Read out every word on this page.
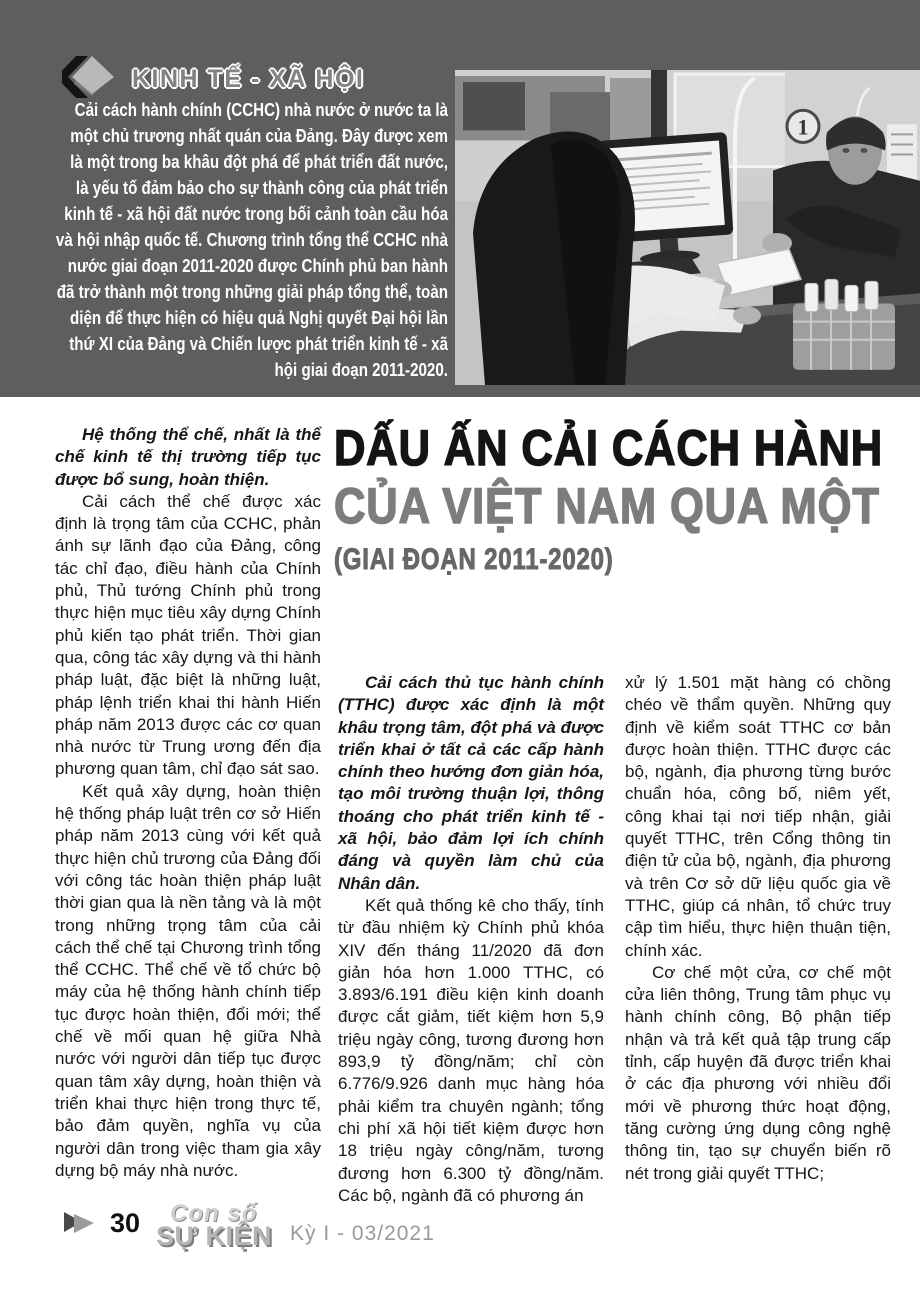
KINH TẾ - XÃ HỘI
1
Cải cách hành chính (CCHC) nhà nước ở nước ta là một chủ trương nhất quán của Đảng. Đây được xem là một trong ba khâu đột phá để phát triển đất nước, là yếu tố đảm bảo cho sự thành công của phát triển kinh tế - xã hội đất nước trong bối cảnh toàn cầu hóa và hội nhập quốc tế. Chương trình tổng thể CCHC nhà nước giai đoạn 2011-2020 được Chính phủ ban hành đã trở thành một trong những giải pháp tổng thể, toàn diện để thực hiện có hiệu quả Nghị quyết Đại hội lần thứ XI của Đảng và Chiến lược phát triển kinh tế - xã hội giai đoạn 2011-2020.
DẤU ẤN CẢI CÁCH HÀNH
CỦA VIỆT NAM QUA MỘT
(GIAI ĐOẠN 2011-2020)

Hệ thống thể chế, nhất là thể chế kinh tế thị trường tiếp tục được bổ sung, hoàn thiện.

Cải cách thể chế được xác định là trọng tâm của CCHC, phản ánh sự lãnh đạo của Đảng, công tác chỉ đạo, điều hành của Chính phủ, Thủ tướng Chính phủ trong thực hiện mục tiêu xây dựng Chính phủ kiến tạo phát triển. Thời gian qua, công tác xây dựng và thi hành pháp luật, đặc biệt là những luật, pháp lệnh triển khai thi hành Hiến pháp năm 2013 được các cơ quan nhà nước từ Trung ương đến địa phương quan tâm, chỉ đạo sát sao.

Kết quả xây dựng, hoàn thiện hệ thống pháp luật trên cơ sở Hiến pháp năm 2013 cùng với kết quả thực hiện chủ trương của Đảng đối với công tác hoàn thiện pháp luật thời gian qua là nền tảng và là một trong những trọng tâm của cải cách thể chế tại Chương trình tổng thể CCHC. Thể chế về tổ chức bộ máy của hệ thống hành chính tiếp tục được hoàn thiện, đổi mới; thể chế về mối quan hệ giữa Nhà nước với người dân tiếp tục được quan tâm xây dựng, hoàn thiện và triển khai thực hiện trong thực tế, bảo đảm quyền, nghĩa vụ của người dân trong việc tham gia xây dựng bộ máy nhà nước.

Cải cách thủ tục hành chính (TTHC) được xác định là một khâu trọng tâm, đột phá và được triển khai ở tất cả các cấp hành chính theo hướng đơn giản hóa, tạo môi trường thuận lợi, thông thoáng cho phát triển kinh tế - xã hội, bảo đảm lợi ích chính đáng và quyền làm chủ của Nhân dân.

Kết quả thống kê cho thấy, tính từ đầu nhiệm kỳ Chính phủ khóa XIV đến tháng 11/2020 đã đơn giản hóa hơn 1.000 TTHC, có 3.893/6.191 điều kiện kinh doanh được cắt giảm, tiết kiệm hơn 5,9 triệu ngày công, tương đương hơn 893,9 tỷ đồng/năm; chỉ còn 6.776/9.926 danh mục hàng hóa phải kiểm tra chuyên ngành; tổng chi phí xã hội tiết kiệm được hơn 18 triệu ngày công/năm, tương đương hơn 6.300 tỷ đồng/năm. Các bộ, ngành đã có phương án

xử lý 1.501 mặt hàng có chồng chéo về thẩm quyền. Những quy định về kiểm soát TTHC cơ bản được hoàn thiện. TTHC được các bộ, ngành, địa phương từng bước chuẩn hóa, công bố, niêm yết, công khai tại nơi tiếp nhận, giải quyết TTHC, trên Cổng thông tin điện tử của bộ, ngành, địa phương và trên Cơ sở dữ liệu quốc gia về TTHC, giúp cá nhân, tổ chức truy cập tìm hiểu, thực hiện thuận tiện, chính xác.

Cơ chế một cửa, cơ chế một cửa liên thông, Trung tâm phục vụ hành chính công, Bộ phận tiếp nhận và trả kết quả tập trung cấp tỉnh, cấp huyện đã được triển khai ở các địa phương với nhiều đổi mới về phương thức hoạt động, tăng cường ứng dụng công nghệ thông tin, tạo sự chuyển biến rõ nét trong giải quyết TTHC;

30 Con số
SỰ KIỆN Kỳ I - 03/2021
